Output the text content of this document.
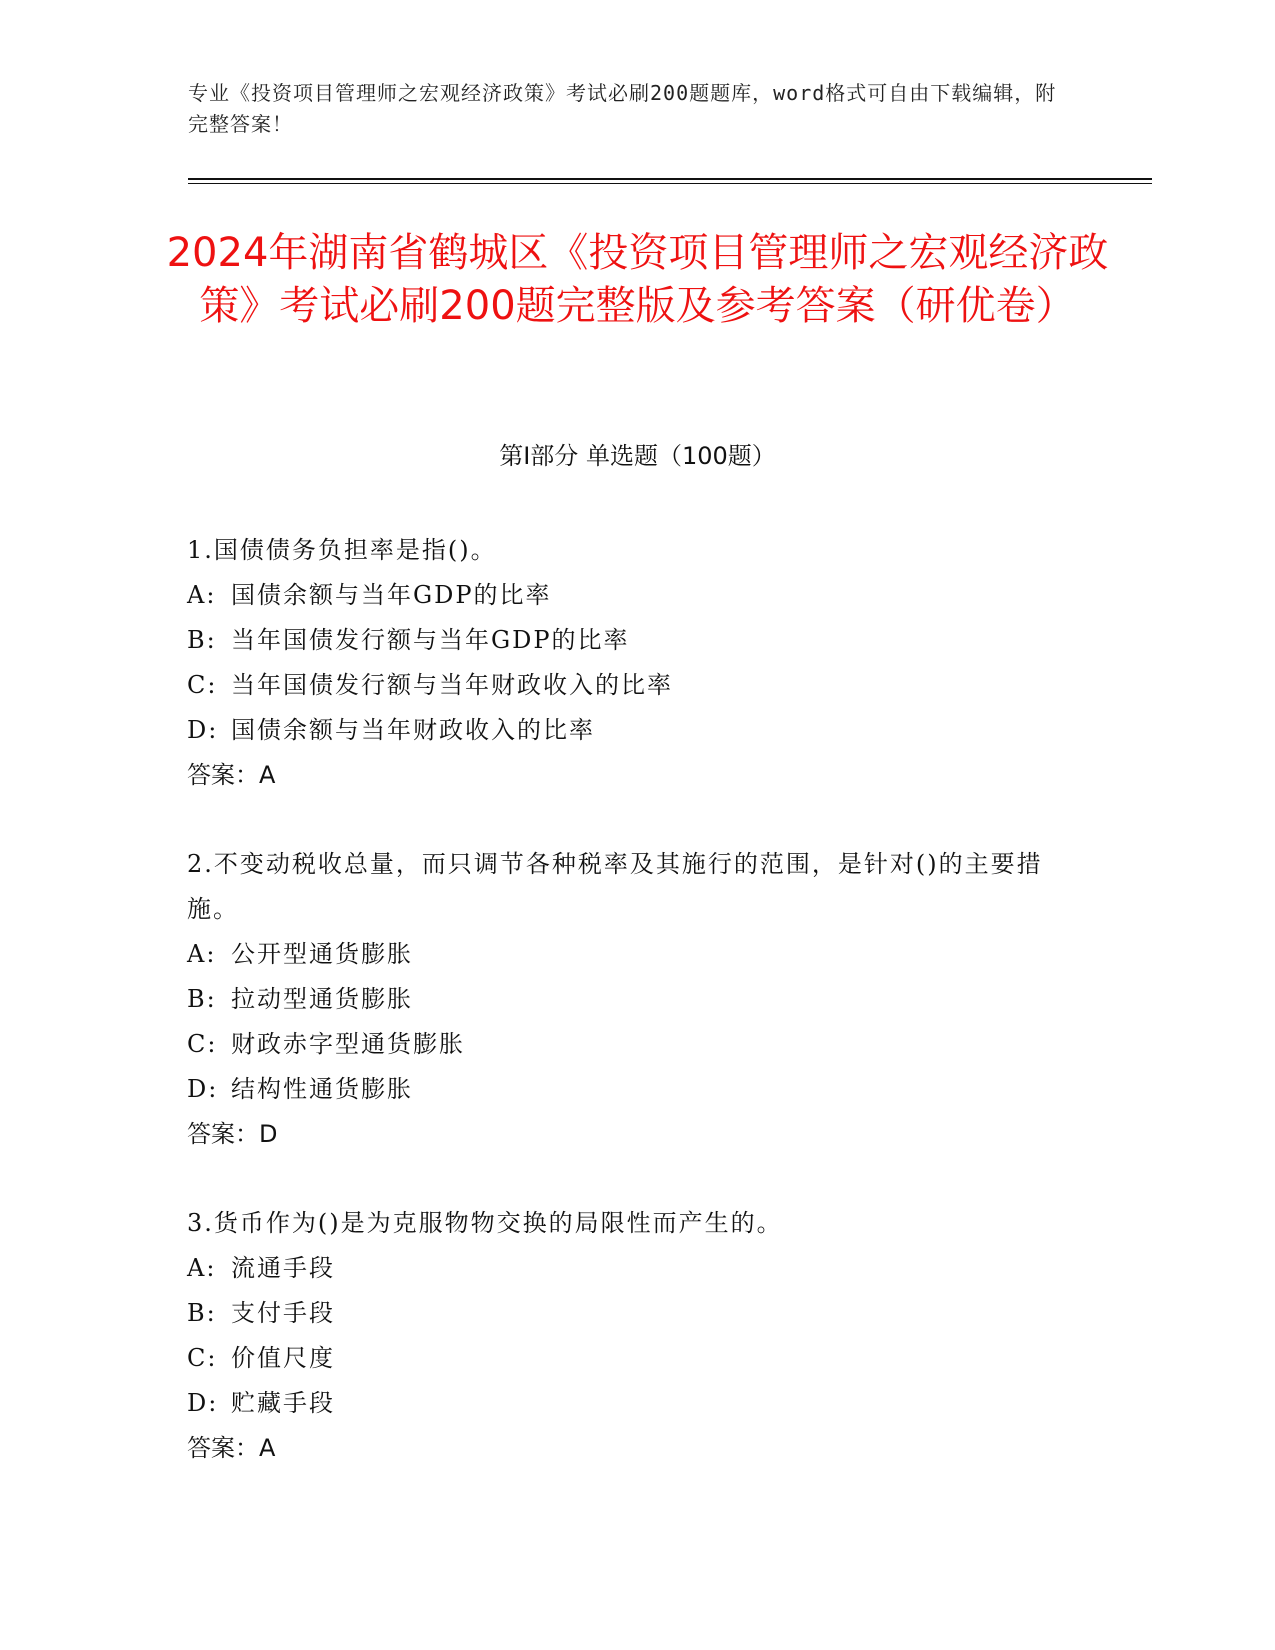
专业《投资项目管理师之宏观经济政策》考试必刷200题题库，word格式可自由下载编辑，附完整答案！
2024年湖南省鹤城区《投资项目管理师之宏观经济政策》考试必刷200题完整版及参考答案（研优卷）
第Ⅰ部分 单选题（100题）
1.国债债务负担率是指()。
A: 国债余额与当年GDP的比率
B: 当年国债发行额与当年GDP的比率
C: 当年国债发行额与当年财政收入的比率
D: 国债余额与当年财政收入的比率
答案：A
2.不变动税收总量，而只调节各种税率及其施行的范围，是针对()的主要措施。
A: 公开型通货膨胀
B: 拉动型通货膨胀
C: 财政赤字型通货膨胀
D: 结构性通货膨胀
答案：D
3.货币作为()是为克服物物交换的局限性而产生的。
A: 流通手段
B: 支付手段
C: 价值尺度
D: 贮藏手段
答案：A
